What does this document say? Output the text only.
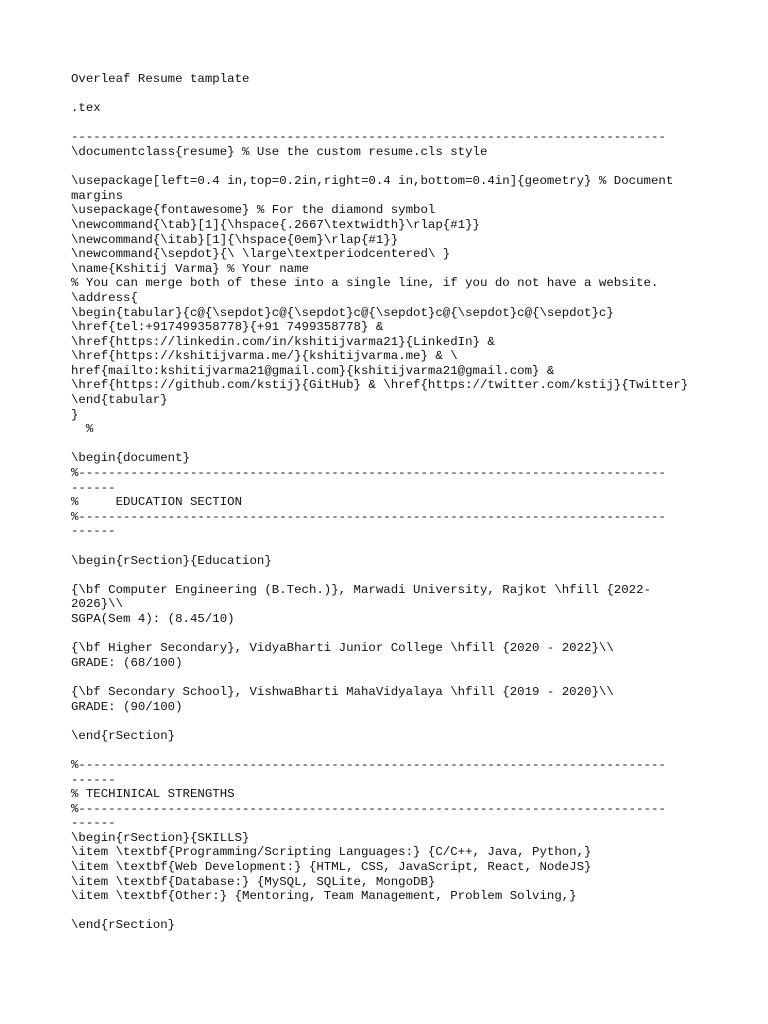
Overleaf Resume tamplate
.tex
--------------------------------------------------------------------------------
\documentclass{resume} % Use the custom resume.cls style
\usepackage[left=0.4 in,top=0.2in,right=0.4 in,bottom=0.4in]{geometry} % Document
margins
\usepackage{fontawesome} % For the diamond symbol
\newcommand{\tab}[1]{\hspace{.2667\textwidth}\rlap{#1}}
\newcommand{\itab}[1]{\hspace{0em}\rlap{#1}}
\newcommand{\sepdot}{\ \large\textperiodcentered\ }
\name{Kshitij Varma} % Your name
% You can merge both of these into a single line, if you do not have a website.
\address{
\begin{tabular}{c@{\sepdot}c@{\sepdot}c@{\sepdot}c@{\sepdot}c@{\sepdot}c}
\href{tel:+917499358778}{+91 7499358778} &
\href{https://linkedin.com/in/kshitijvarma21}{LinkedIn} &
\href{https://kshitijvarma.me/}{kshitijvarma.me} & \
href{mailto:kshitijvarma21@gmail.com}{kshitijvarma21@gmail.com} &
\href{https://github.com/kstij}{GitHub} & \href{https://twitter.com/kstij}{Twitter}
\end{tabular}
}
%
\begin{document}
%-------------------------------------------------------------------------------
------
%     EDUCATION SECTION
%-------------------------------------------------------------------------------
------
\begin{rSection}{Education}
{\bf Computer Engineering (B.Tech.)}, Marwadi University, Rajkot \hfill {2022-
2026}\\
SGPA(Sem 4): (8.45/10)
{\bf Higher Secondary}, VidyaBharti Junior College \hfill {2020 - 2022}\\
GRADE: (68/100)
{\bf Secondary School}, VishwaBharti MahaVidyalaya \hfill {2019 - 2020}\\
GRADE: (90/100)
\end{rSection}
%-------------------------------------------------------------------------------
------
% TECHINICAL STRENGTHS
%-------------------------------------------------------------------------------
------
\begin{rSection}{SKILLS}
\item \textbf{Programming/Scripting Languages:} {C/C++, Java, Python,}
\item \textbf{Web Development:} {HTML, CSS, JavaScript, React, NodeJS}
\item \textbf{Database:} {MySQL, SQLite, MongoDB}
\item \textbf{Other:} {Mentoring, Team Management, Problem Solving,}
\end{rSection}
